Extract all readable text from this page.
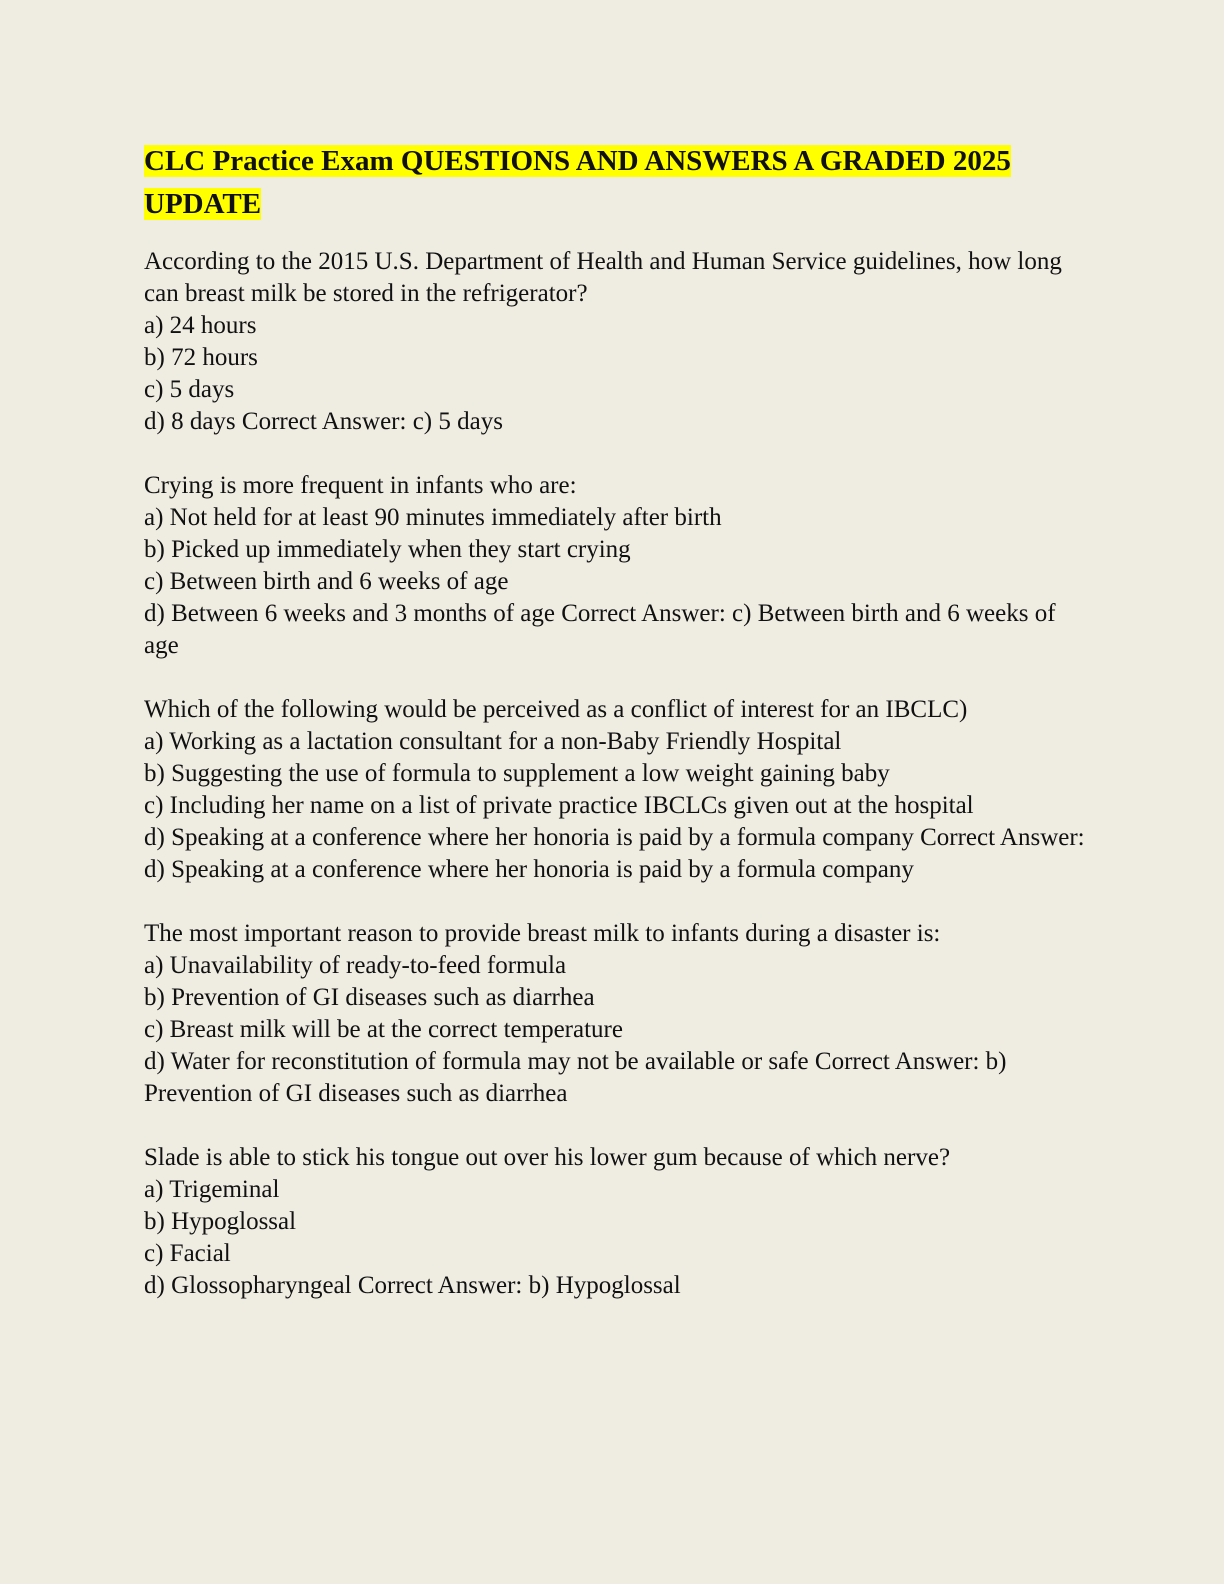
CLC Practice Exam QUESTIONS AND ANSWERS A GRADED 2025 UPDATE
According to the 2015 U.S. Department of Health and Human Service guidelines, how long can breast milk be stored in the refrigerator?
a) 24 hours
b) 72 hours
c) 5 days
d) 8 days Correct Answer: c) 5 days
Crying is more frequent in infants who are:
a) Not held for at least 90 minutes immediately after birth
b) Picked up immediately when they start crying
c) Between birth and 6 weeks of age
d) Between 6 weeks and 3 months of age Correct Answer: c) Between birth and 6 weeks of age
Which of the following would be perceived as a conflict of interest for an IBCLC)
a) Working as a lactation consultant for a non-Baby Friendly Hospital
b) Suggesting the use of formula to supplement a low weight gaining baby
c) Including her name on a list of private practice IBCLCs given out at the hospital
d) Speaking at a conference where her honoria is paid by a formula company Correct Answer: d) Speaking at a conference where her honoria is paid by a formula company
The most important reason to provide breast milk to infants during a disaster is:
a) Unavailability of ready-to-feed formula
b) Prevention of GI diseases such as diarrhea
c) Breast milk will be at the correct temperature
d) Water for reconstitution of formula may not be available or safe Correct Answer: b) Prevention of GI diseases such as diarrhea
Slade is able to stick his tongue out over his lower gum because of which nerve?
a) Trigeminal
b) Hypoglossal
c) Facial
d) Glossopharyngeal Correct Answer: b) Hypoglossal
